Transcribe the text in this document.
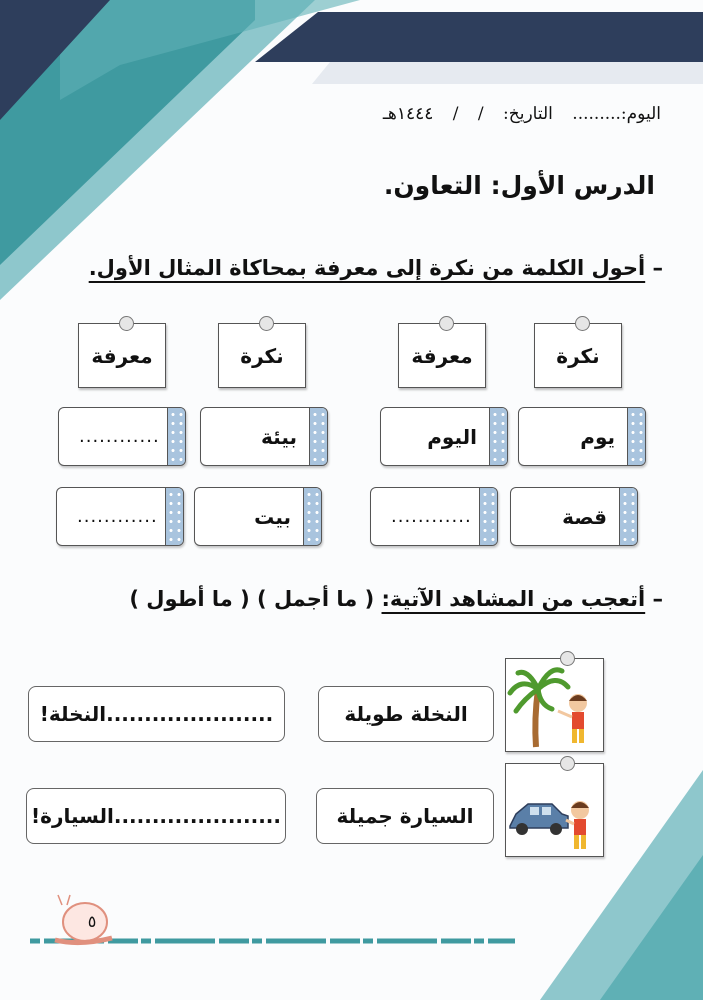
٥
اليوم:......... التاريخ: / / ١٤٤٤هـ
الدرس الأول: التعاون.
– أحول الكلمة من نكرة إلى معرفة بمحاكاة المثال الأول.
نكرة
معرفة
نكرة
معرفة
يوم
اليوم
بيئة
............
قصة
............
بيت
............
– أتعجب من المشاهد الآتية: ( ما أجمل ) ( ما أطول )
النخلة طويلة
......................النخلة!
السيارة جميلة
......................السيارة!
